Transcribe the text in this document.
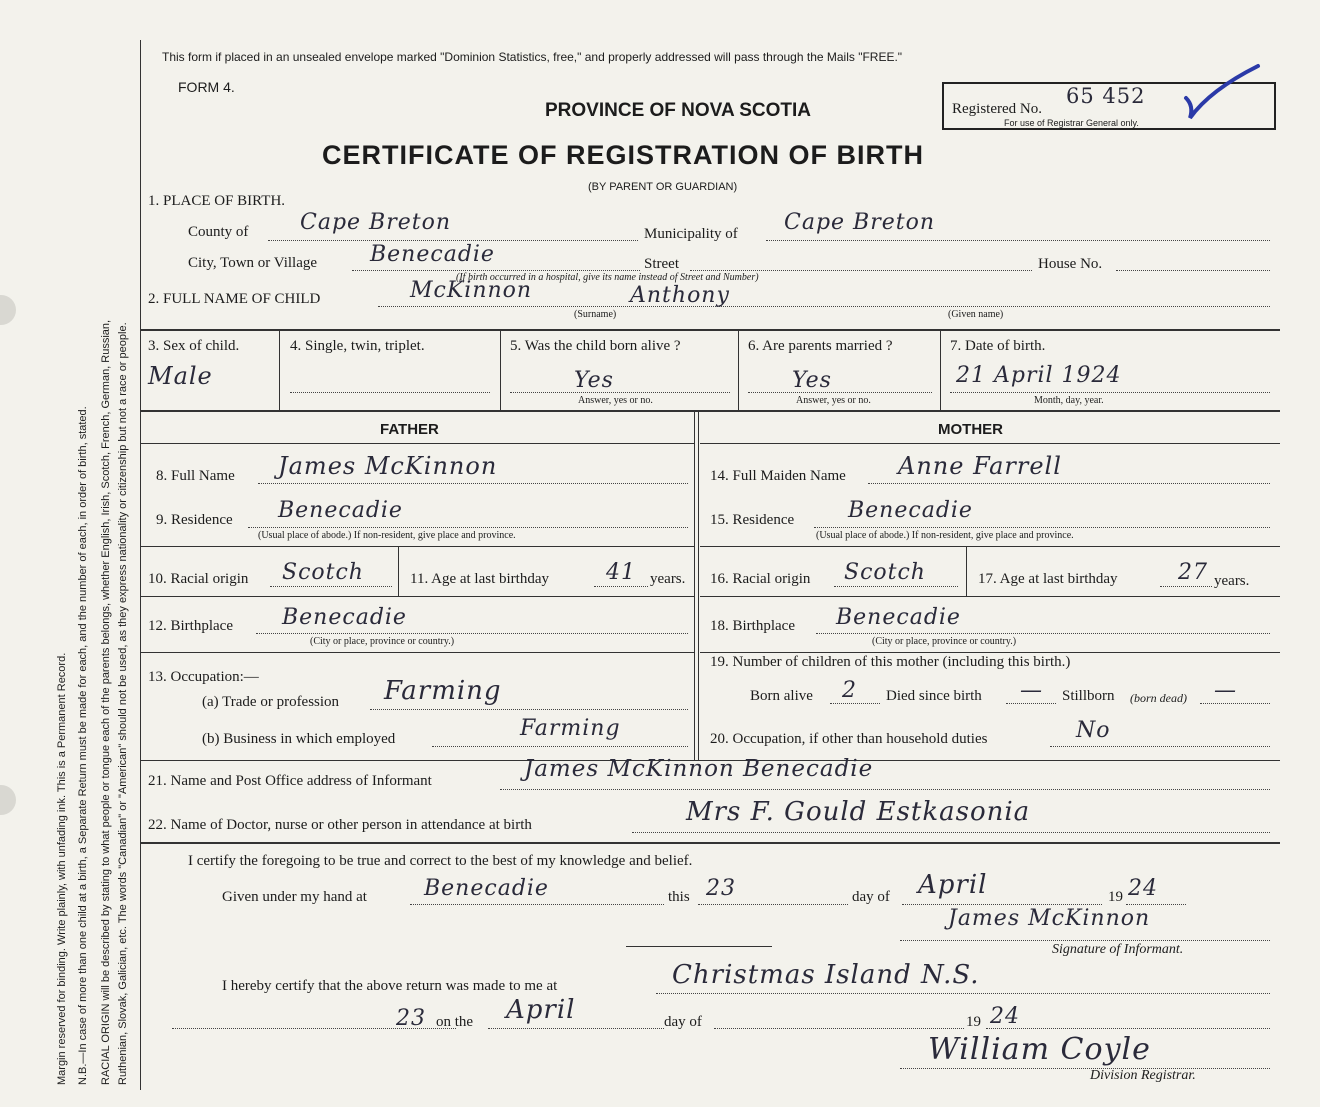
Margin reserved for binding. Write plainly, with unfading ink. This is a Permanent Record. N.B.—In case of more than one child at a birth, a Separate Return must be made for each, and the number of each, in order of birth, stated. RACIAL ORIGIN will be described by stating to what people or tongue each of the parents belongs, whether English, Irish, Scotch, French, German, Russian, Ruthenian, Slovak, Galician, etc. The words "Canadian" or "American" should not be used, as they express nationality or citizenship but not a race or people.
This form if placed in an unsealed envelope marked "Dominion Statistics, free," and properly addressed will pass through the Mails "FREE."
FORM 4.
PROVINCE OF NOVA SCOTIA
CERTIFICATE OF REGISTRATION OF BIRTH
(BY PARENT OR GUARDIAN)
Registered No.
65 452
For use of Registrar General only.
1. PLACE OF BIRTH.
County of Cape Breton	Municipality of Cape Breton
City, Town or Village Benecadie	Street	House No.
(If birth occurred in a hospital, give its name instead of Street and Number)
2. FULL NAME OF CHILD	McKinnon	Anthony
(Surname)	(Given name)
3. Sex of child.
Male
4. Single, twin, triplet.	5. Was the child born alive ?
Yes
Answer, yes or no.
6. Are parents married ?
Yes
Answer, yes or no.
7. Date of birth.
21 April 1924
Month, day, year.
FATHER	MOTHER
8. Full Name James McKinnon
9. Residence Benecadie
(Usual place of abode.) If non-resident, give place and province.
10. Racial origin Scotch	11. Age at last birthday	41 years.
12. Birthplace Benecadie
(City or place, province or country.)
13. Occupation:—
(a) Trade or profession Farming
(b) Business in which employed	Farming
14. Full Maiden Name Anne Farrell
15. Residence Benecadie
(Usual place of abode.) If non-resident, give place and province.
16. Racial origin Scotch	17. Age at last birthday	27 years.
18. Birthplace Benecadie
(City or place, province or country.)
19. Number of children of this mother (including this birth.)
Born alive 2 Died since birth — Stillborn (born dead) —
20. Occupation, if other than household duties	No
21. Name and Post Office address of Informant	James McKinnon Benecadie
22. Name of Doctor, nurse or other person in attendance at birth	Mrs F. Gould Estkasonia
I certify the foregoing to be true and correct to the best of my knowledge and belief.
Given under my hand at	Benecadie	this 23	day of April	19 24
James McKinnon
Signature of Informant.
I hereby certify that the above return was made to me at	Christmas Island N.S.
23 on the April	day of	19 24
William Coyle
Division Registrar.
